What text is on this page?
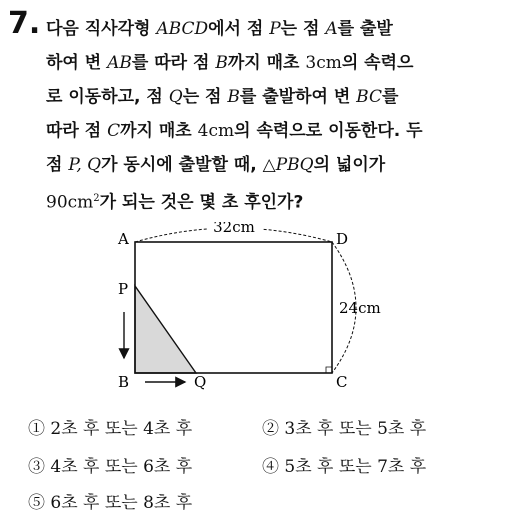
7. 다음 직사각형 ABCD에서 점 P는 점 A를 출발
하여 변 AB를 따라 점 B까지 매초 3cm의 속력으
로 이동하고, 점 Q는 점 B를 출발하여 변 BC를
따라 점 C까지 매초 4cm의 속력으로 이동한다. 두
점 P, Q가 동시에 출발할 때, △PBQ의 넓이가
$90cm^2$가 되는 것은 몇 초 후인가?
32cm
24cm
A	D
P
B	Q	C
① 2초 후 또는 4초 후	② 3초 후 또는 5초 후
③ 4초 후 또는 6초 후	④ 5초 후 또는 7초 후
⑤ 6초 후 또는 8초 후
